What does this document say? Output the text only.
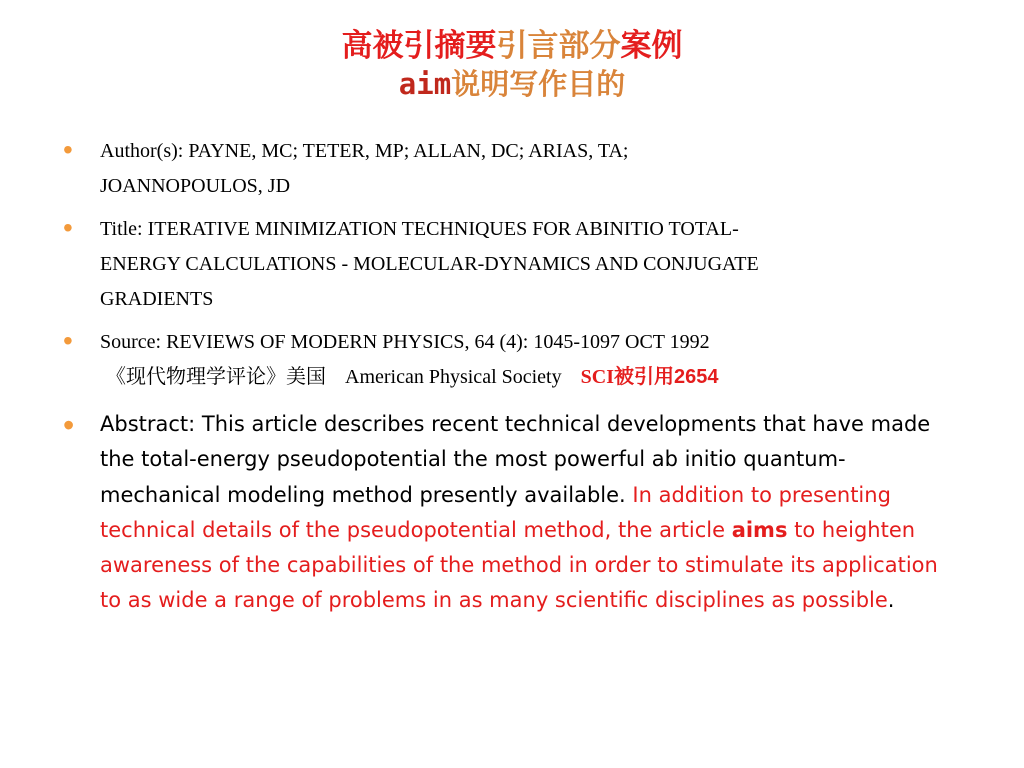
高被引摘要引言部分案例
aim说明写作目的
• Author(s): PAYNE, MC; TETER, MP; ALLAN, DC; ARIAS, TA;
JOANNOPOULOS, JD
• Title: ITERATIVE MINIMIZATION TECHNIQUES FOR ABINITIO TOTAL-
ENERGY CALCULATIONS - MOLECULAR-DYNAMICS AND CONJUGATE
GRADIENTS
• Source: REVIEWS OF MODERN PHYSICS, 64 (4): 1045-1097 OCT 1992
《现代物理学评论》美国 American Physical Society SCI被引用2654
• Abstract: This article describes recent technical developments that have made the total-energy pseudopotential the most powerful ab initio quantum-mechanical modeling method presently available. In addition to presenting technical details of the pseudopotential method, the article aims to heighten awareness of the capabilities of the method in order to stimulate its application to as wide a range of problems in as many scientific disciplines as possible.
